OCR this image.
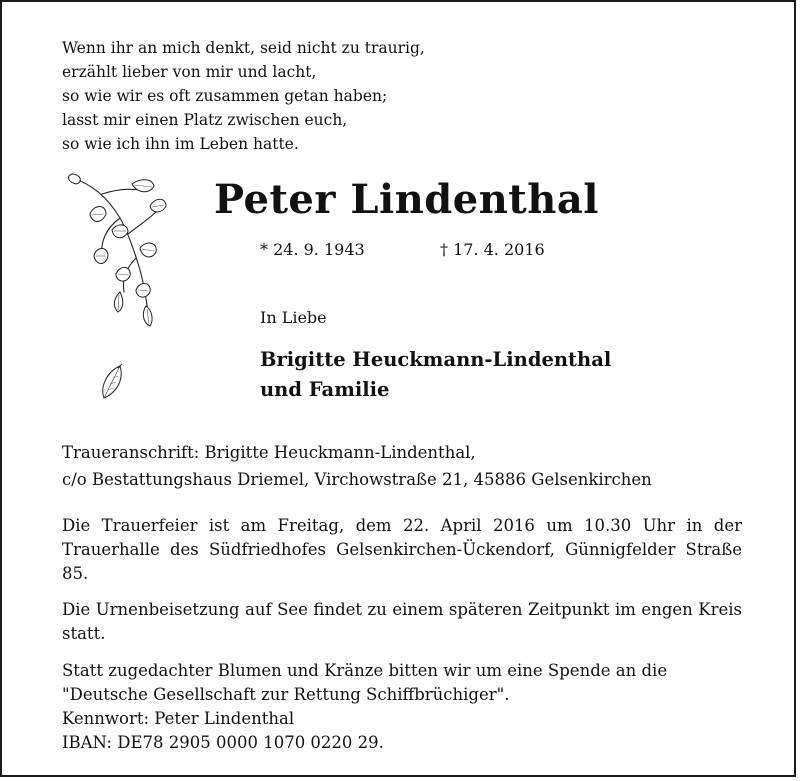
Wenn ihr an mich denkt, seid nicht zu traurig,
erzählt lieber von mir und lacht,
so wie wir es oft zusammen getan haben;
lasst mir einen Platz zwischen euch,
so wie ich ihn im Leben hatte.
Peter Lindenthal
* 24. 9. 1943	† 17. 4. 2016
In Liebe
Brigitte Heuckmann-Lindenthal
und Familie
Traueranschrift: Brigitte Heuckmann-Lindenthal,
c/o Bestattungshaus Driemel, Virchowstraße 21, 45886 Gelsenkirchen
Die Trauerfeier ist am Freitag, dem 22. April 2016 um 10.30 Uhr in der Trauerhalle des Südfriedhofes Gelsenkirchen-Ückendorf, Günnigfelder Straße 85.
Die Urnenbeisetzung auf See findet zu einem späteren Zeitpunkt im engen Kreis statt.
Statt zugedachter Blumen und Kränze bitten wir um eine Spende an die
"Deutsche Gesellschaft zur Rettung Schiffbrüchiger".
Kennwort: Peter Lindenthal
IBAN: DE78 2905 0000 1070 0220 29.
